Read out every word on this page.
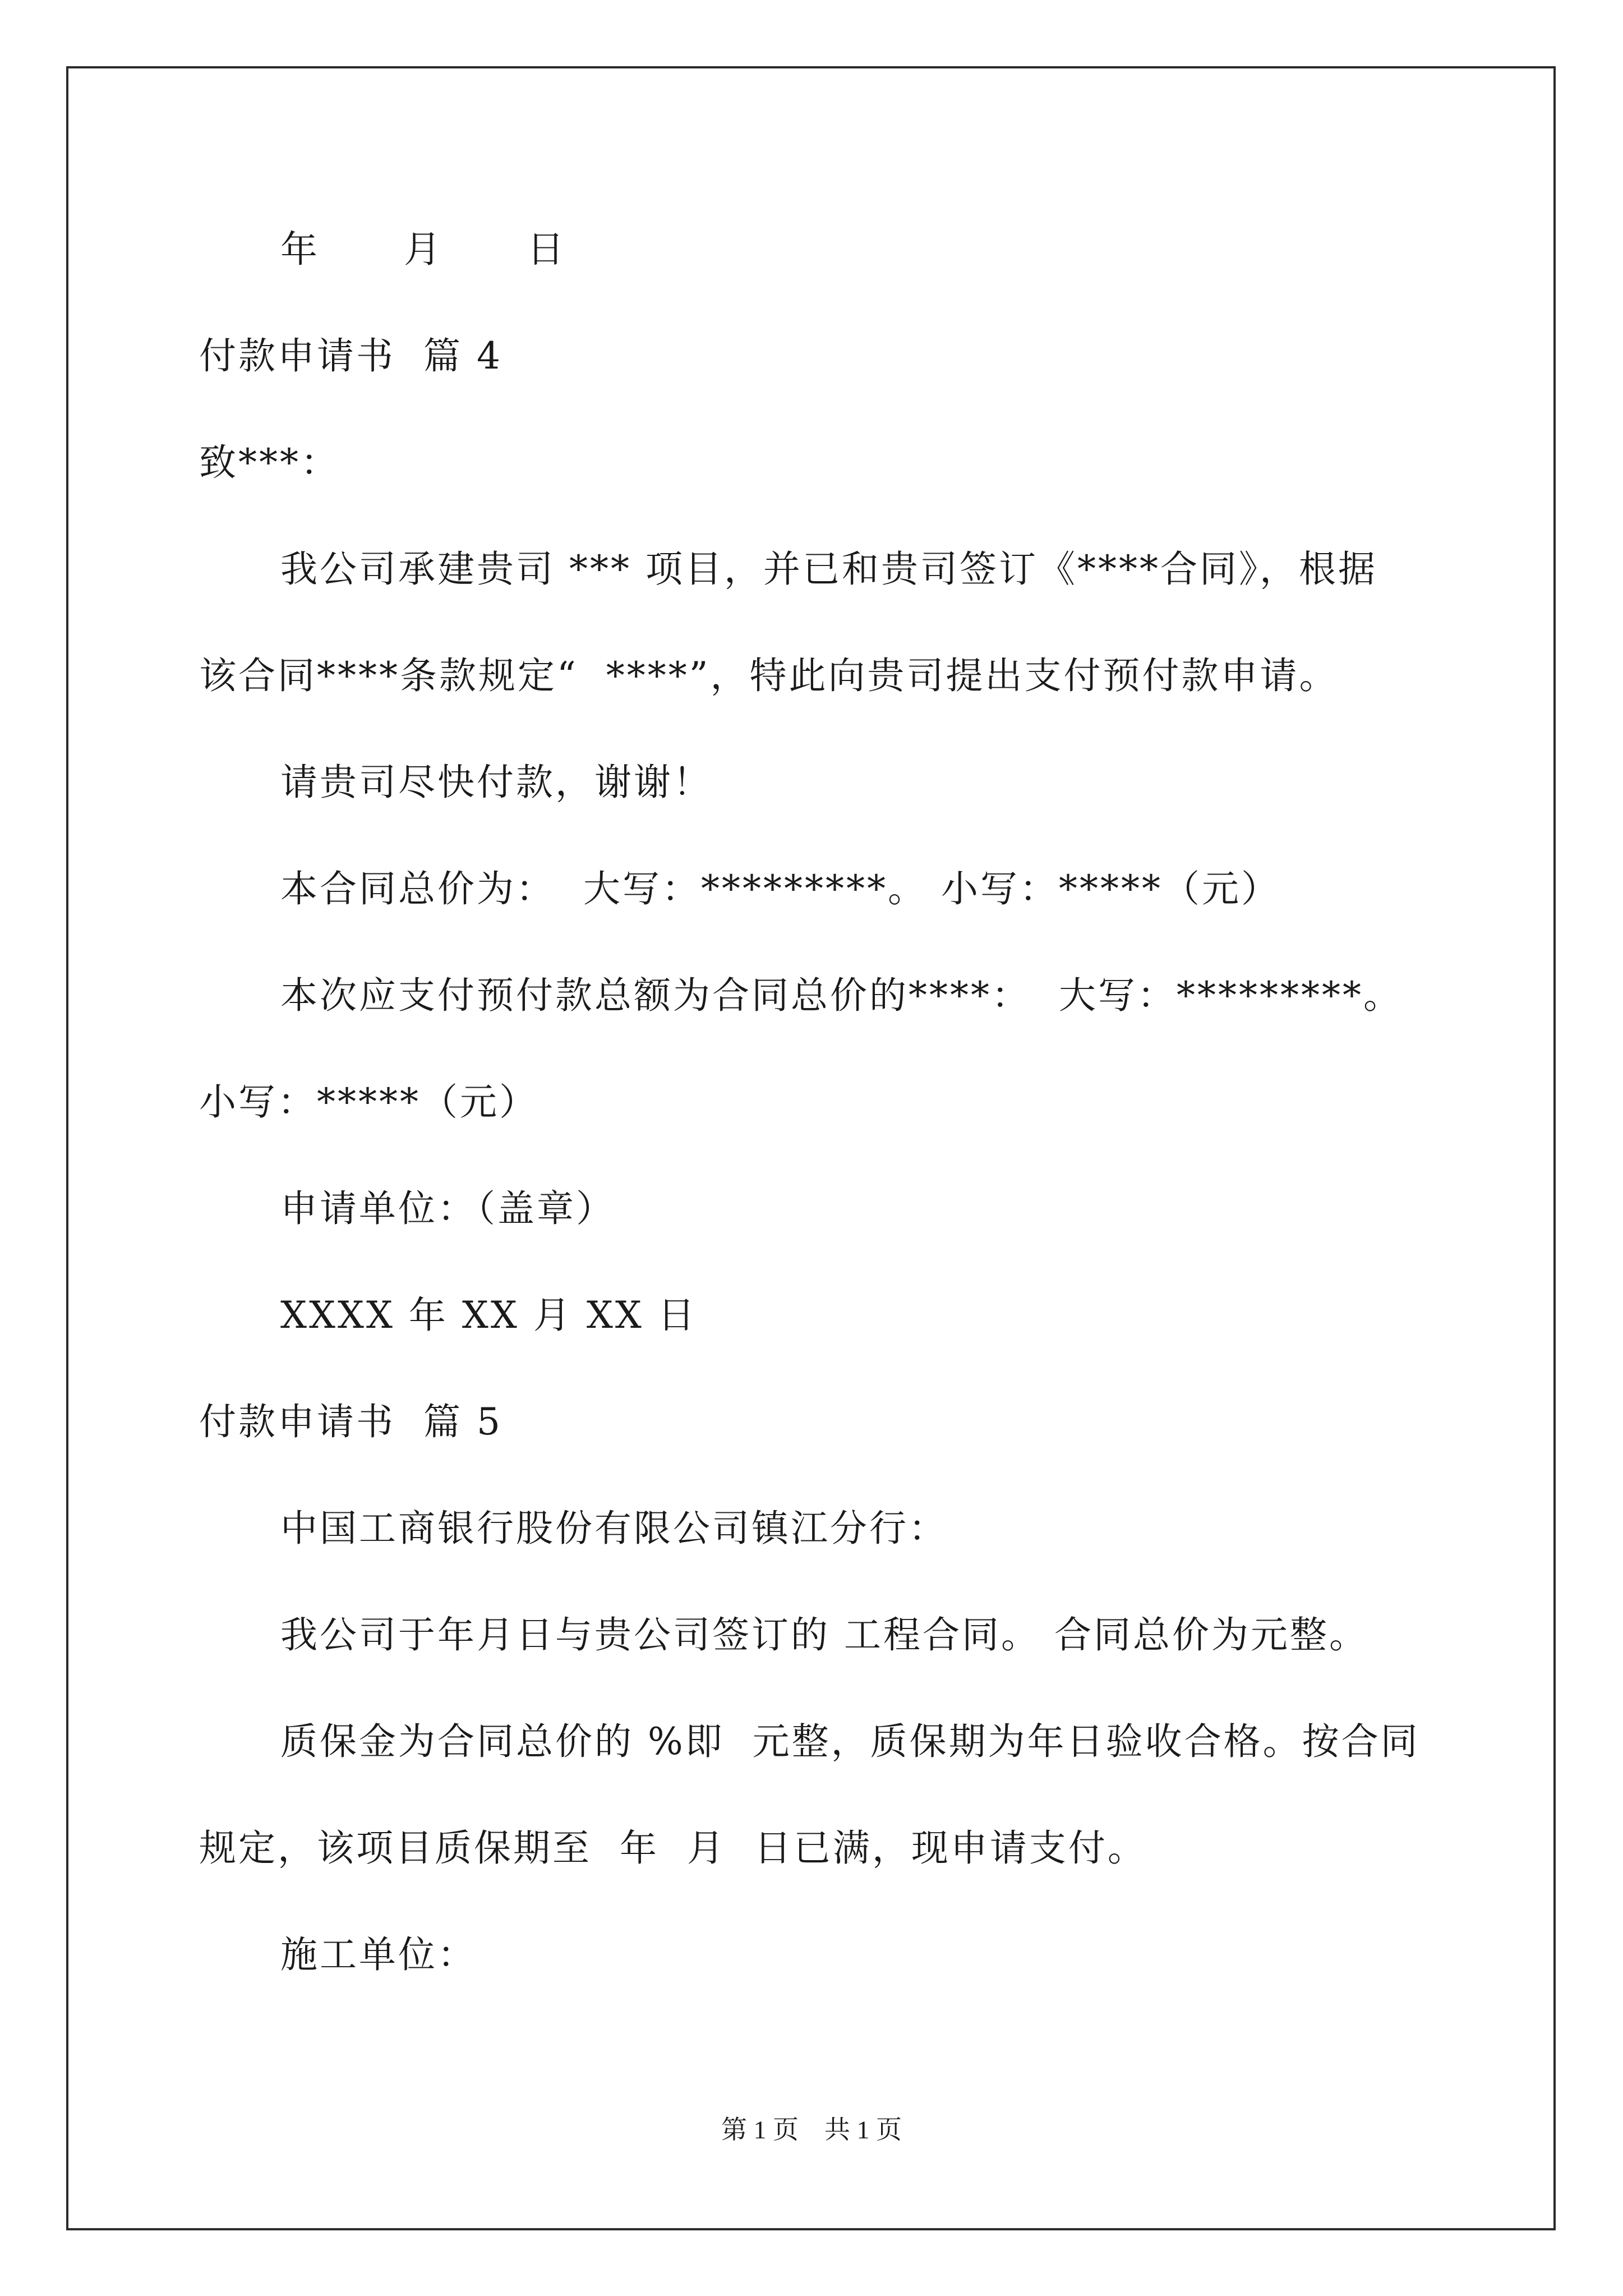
年      月      日
付款申请书  篇 4
致***：
我公司承建贵司 *** 项目，并已和贵司签订《****合同》，根据
该合同****条款规定“  ****”，特此向贵司提出支付预付款申请。
请贵司尽快付款，谢谢！
本合同总价为：  大写：*********。 小写：*****（元）
本次应支付预付款总额为合同总价的****：  大写：*********。
小写：*****（元）
申请单位：（盖章）
XXXX 年 XX 月 XX 日
付款申请书  篇 5
中国工商银行股份有限公司镇江分行：
我公司于年月日与贵公司签订的 工程合同。 合同总价为元整。
质保金为合同总价的 %即  元整，质保期为年日验收合格。按合同
规定，该项目质保期至  年  月  日已满，现申请支付。
施工单位：
第 1 页    共 1 页
